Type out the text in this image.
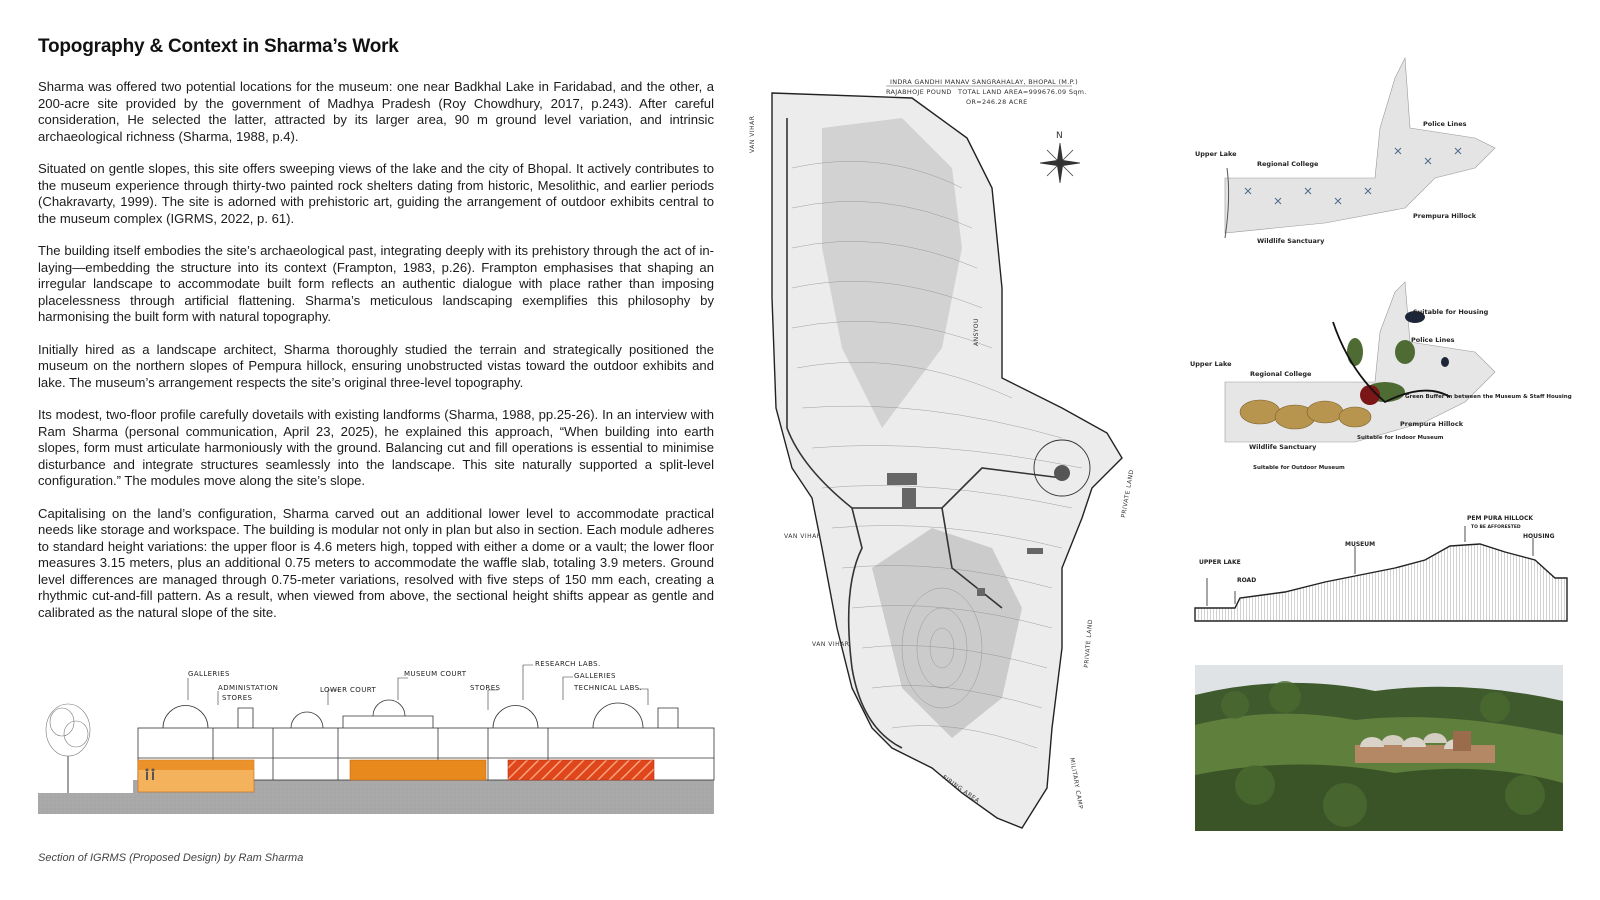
Topography & Context in Sharma’s Work

Sharma was offered two potential locations for the museum: one near Badkhal Lake in Faridabad, and the other, a 200-acre site provided by the government of Madhya Pradesh (Roy Chowdhury, 2017, p.243). After careful consideration, He selected the latter, attracted by its larger area, 90 m ground level variation, and intrinsic archaeological richness (Sharma, 1988, p.4).

Situated on gentle slopes, this site offers sweeping views of the lake and the city of Bhopal. It actively contributes to the museum experience through thirty-two painted rock shelters dating from historic, Mesolithic, and earlier periods (Chakravarty, 1999). The site is adorned with prehistoric art, guiding the arrangement of outdoor exhibits central to the museum complex (IGRMS, 2022, p. 61).

The building itself embodies the site’s archaeological past, integrating deeply with its prehistory through the act of in-laying—embedding the structure into its context (Frampton, 1983, p.26). Frampton emphasises that shaping an irregular landscape to accommodate built form reflects an authentic dialogue with place rather than imposing placelessness through artificial flattening. Sharma’s meticulous landscaping exemplifies this philosophy by harmonising the built form with natural topography.

Initially hired as a landscape architect, Sharma thoroughly studied the terrain and strategically positioned the museum on the northern slopes of Pempura hillock, ensuring unobstructed vistas toward the outdoor exhibits and lake. The museum’s arrangement respects the site’s original three-level topography.

Its modest, two-floor profile carefully dovetails with existing landforms (Sharma, 1988, pp.25-26). In an interview with Ram Sharma (personal communication, April 23, 2025), he explained this approach, “When building into earth slopes, form must articulate harmoniously with the ground. Balancing cut and fill operations is essential to minimise disturbance and integrate structures seamlessly into the landscape. This site naturally supported a split-level configuration.” The modules move along the site’s slope.

Capitalising on the land’s configuration, Sharma carved out an additional lower level to accommodate practical needs like storage and workspace. The building is modular not only in plan but also in section. Each module adheres to standard height variations: the upper floor is 4.6 meters high, topped with either a dome or a vault; the lower floor measures 3.15 meters, plus an additional 0.75 meters to accommodate the waffle slab, totaling 3.9 meters. Ground level differences are managed through 0.75-meter variations, resolved with five steps of 150 mm each, creating a rhythmic cut-and-fill pattern. As a result, when viewed from above, the sectional height shifts appear as gentle and calibrated as the natural slope of the site.

GALLERIES
ADMINISTATION
STORES
LOWER COURT
MUSEUM COURT
STORES
RESEARCH LABS.
GALLERIES
TECHNICAL LABS.
Section of IGRMS (Proposed Design) by Ram Sharma
INDRA GANDHI MANAV SANGRAHALAY, BHOPAL (M.P.)
RAJABHOJE POUND TOTAL LAND AREA=999676.09 Sqm.
OR=246.28 ACRE
N
VAN VIHAR
VAN VIHAR
VAN VIHAR
PRIVATE LAND
PRIVATE LAND
MILITARY CAMP
FIRING AREA
ANSYOU
Upper Lake
Regional College
Police Lines
Prempura Hillock
Wildlife Sanctuary
Upper Lake
Regional College
Suitable for Housing
Police Lines
Green Buffer in between the Museum & Staff Housing
Prempura Hillock
Suitable for Indoor Museum
Wildlife Sanctuary
Suitable for Outdoor Museum
UPPER LAKE
ROAD
MUSEUM
PEM PURA HILLOCK
TO BE AFFORESTED
HOUSING
